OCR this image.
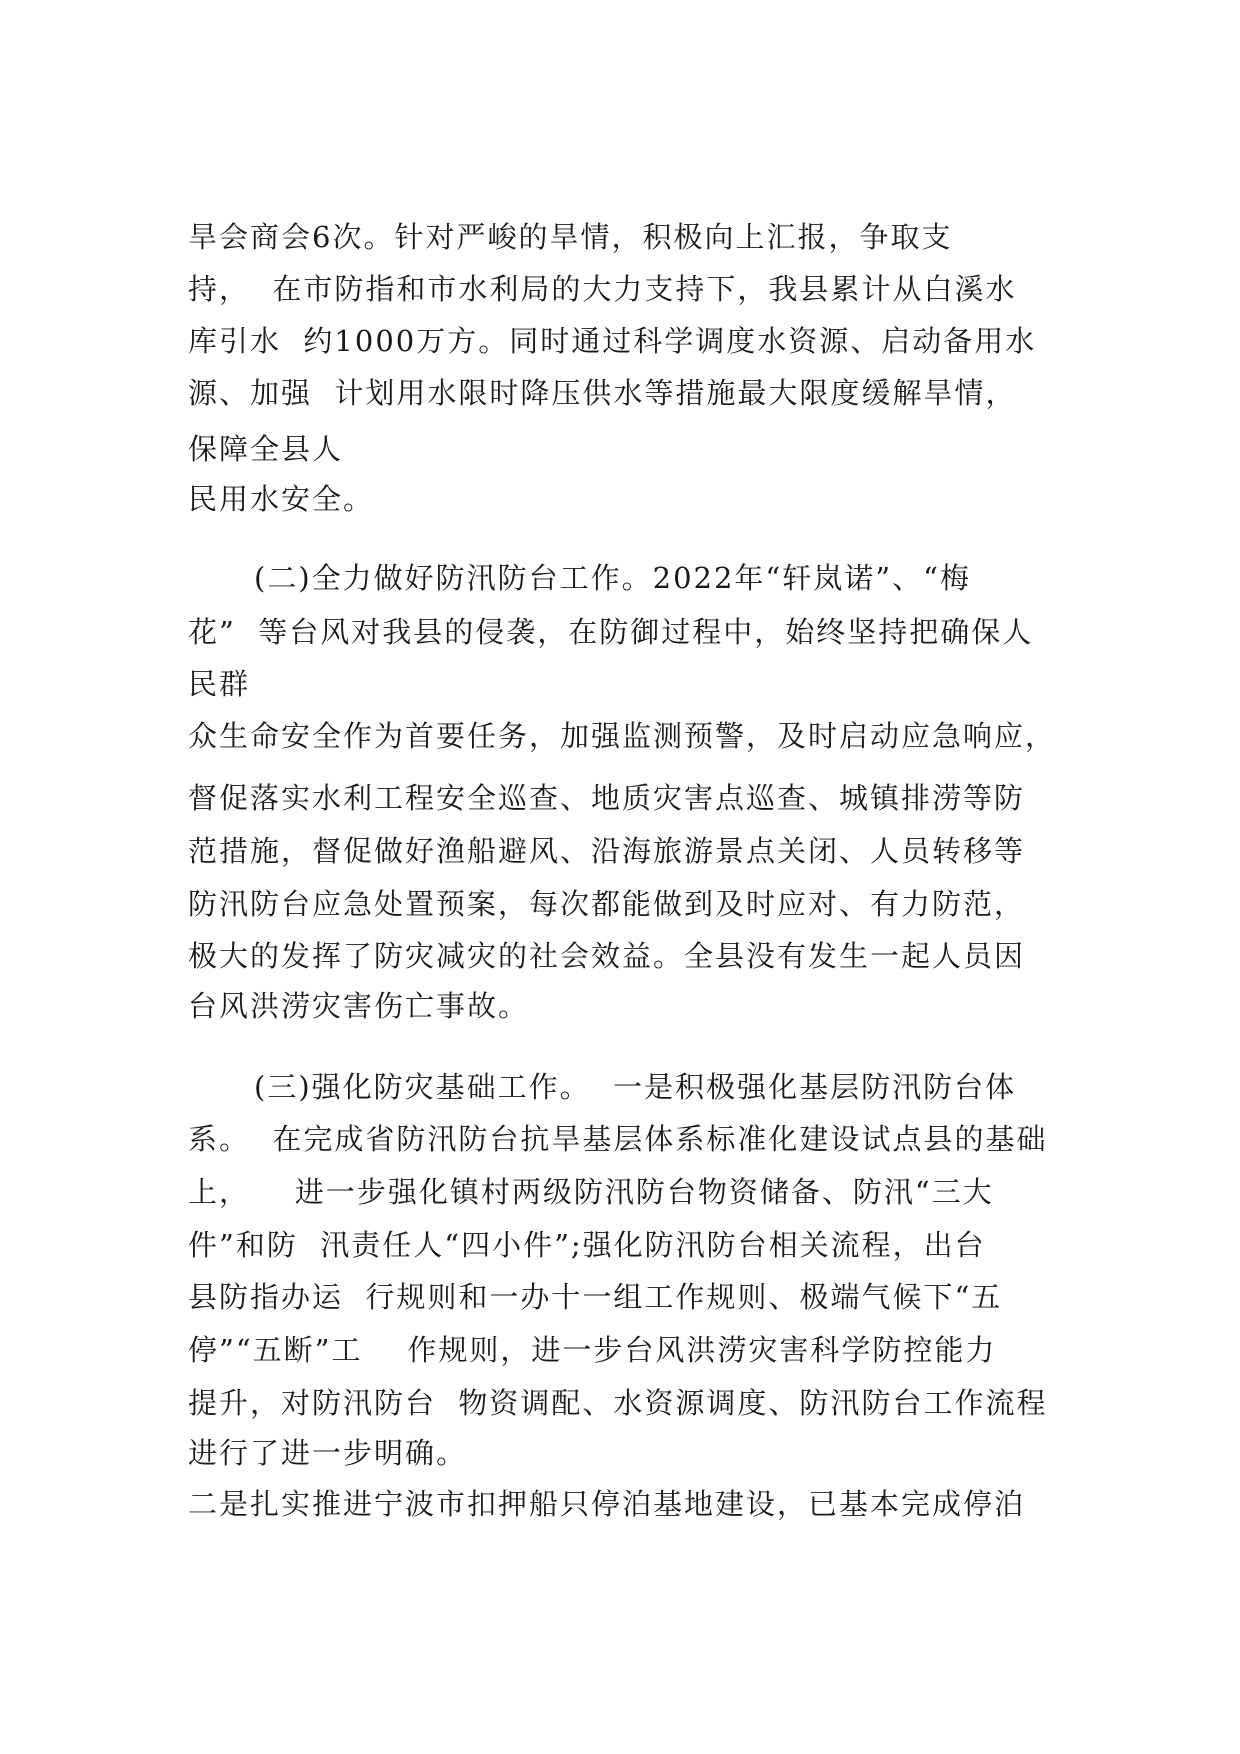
旱会商会6次。针对严峻的旱情，积极向上汇报，争取支
持，  在市防指和市水利局的大力支持下，我县累计从白溪水
库引水  约1000万方。同时通过科学调度水资源、启动备用水
源、加强  计划用水限时降压供水等措施最大限度缓解旱情，
保障全县人
民用水安全。
(二)全力做好防汛防台工作。2022年“轩岚诺”、“梅
花”  等台风对我县的侵袭，在防御过程中，始终坚持把确保人
民群
众生命安全作为首要任务，加强监测预警，及时启动应急响应，
督促落实水利工程安全巡查、地质灾害点巡查、城镇排涝等防
范措施，督促做好渔船避风、沿海旅游景点关闭、人员转移等
防汛防台应急处置预案，每次都能做到及时应对、有力防范，
极大的发挥了防灾减灾的社会效益。全县没有发生一起人员因
台风洪涝灾害伤亡事故。
(三)强化防灾基础工作。  一是积极强化基层防汛防台体
系。  在完成省防汛防台抗旱基层体系标准化建设试点县的基础
上，    进一步强化镇村两级防汛防台物资储备、防汛“三大
件”和防  汛责任人“四小件”;强化防汛防台相关流程，出台
县防指办运  行规则和一办十一组工作规则、极端气候下“五
停”“五断”工    作规则，进一步台风洪涝灾害科学防控能力
提升，对防汛防台  物资调配、水资源调度、防汛防台工作流程
进行了进一步明确。
二是扎实推进宁波市扣押船只停泊基地建设，已基本完成停泊
